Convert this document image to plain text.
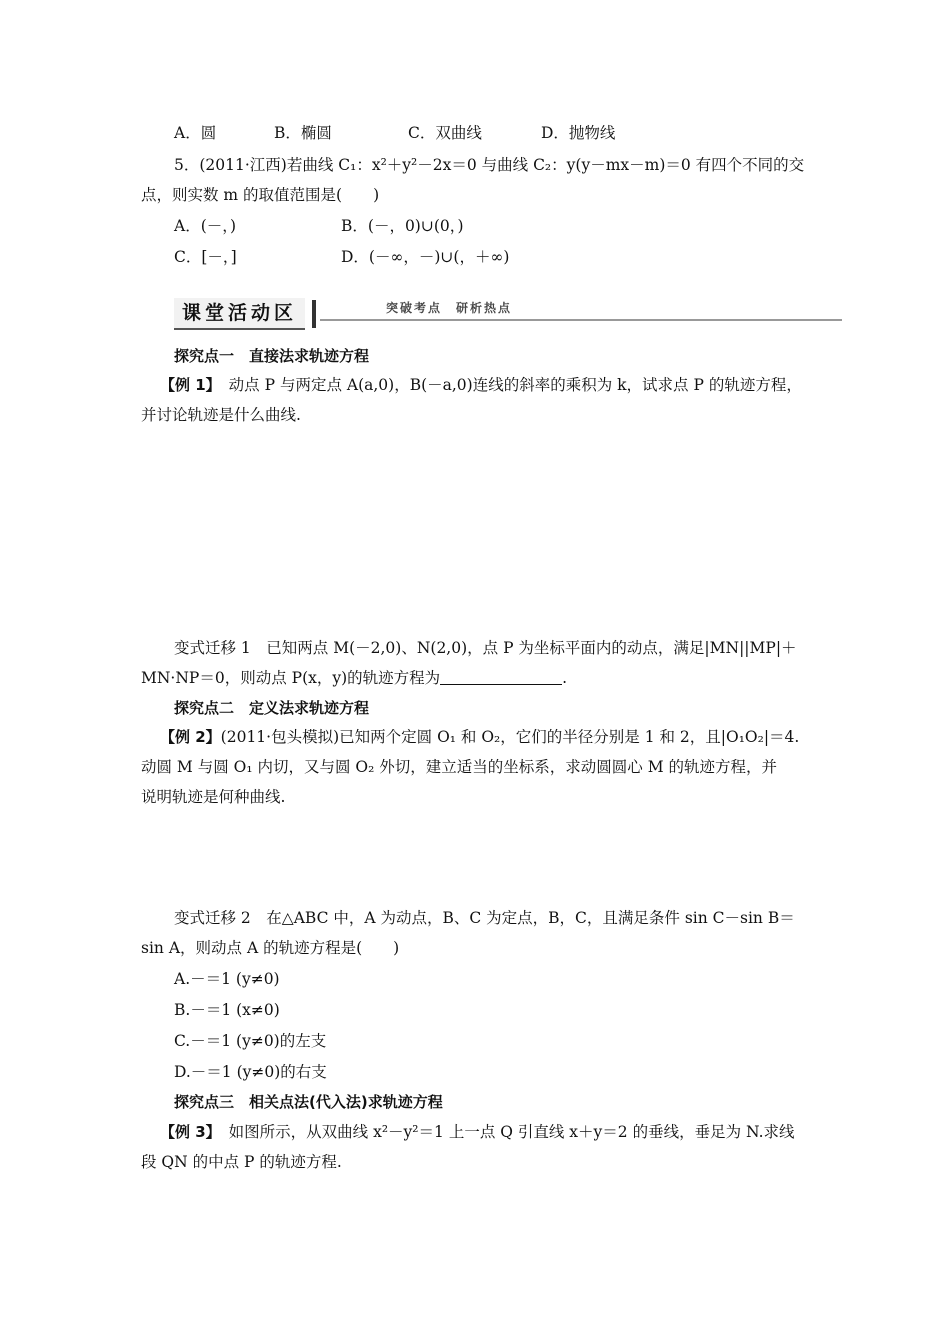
A．圆	B．椭圆	C．双曲线	D．抛物线
5．(2011·江西)若曲线 C₁：x²＋y²－2x＝0 与曲线 C₂：y(y－mx－m)＝0 有四个不同的交
点，则实数 m 的取值范围是(　　)
A．(－，)	B．(－，0)∪(0，)
C．[－，]	D．(－∞，－)∪(，＋∞)
课堂活动区	突破考点　研析热点
探究点一　直接法求轨迹方程
【例 1】　动点 P 与两定点 A(a,0)，B(－a,0)连线的斜率的乘积为 k，试求点 P 的轨迹方程，
并讨论轨迹是什么曲线.
变式迁移 1　已知两点 M(－2,0)、N(2,0)，点 P 为坐标平面内的动点，满足|MN||MP|＋
MN·NP＝0，则动点 P(x，y)的轨迹方程为	.
探究点二　定义法求轨迹方程
【例 2】(2011·包头模拟)已知两个定圆 O₁ 和 O₂，它们的半径分别是 1 和 2，且|O₁O₂|＝4.
动圆 M 与圆 O₁ 内切，又与圆 O₂ 外切，建立适当的坐标系，求动圆圆心 M 的轨迹方程，并
说明轨迹是何种曲线.
变式迁移 2　在△ABC 中，A 为动点，B、C 为定点，B，C，且满足条件 sin C－sin B＝
sin A，则动点 A 的轨迹方程是(　　)
A.－＝1 (y≠0)
B.－＝1 (x≠0)
C.－＝1 (y≠0)的左支
D.－＝1 (y≠0)的右支
探究点三　相关点法(代入法)求轨迹方程
【例 3】　如图所示，从双曲线 x²－y²＝1 上一点 Q 引直线 x＋y＝2 的垂线，垂足为 N.求线
段 QN 的中点 P 的轨迹方程.
